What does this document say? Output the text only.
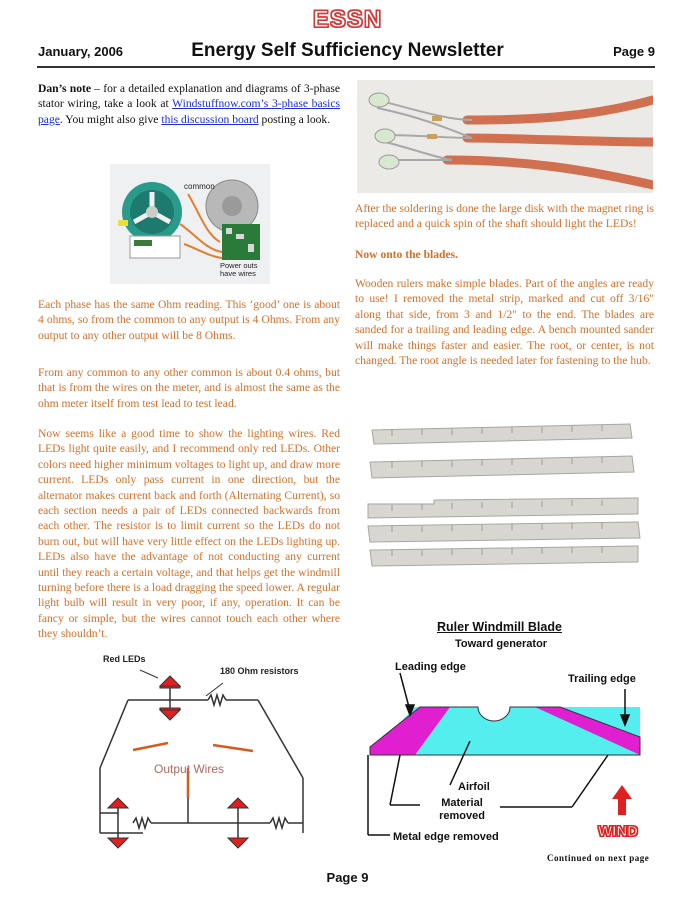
ESSN
January, 2006	Energy Self Sufficiency Newsletter	Page 9
Dan’s note – for a detailed explanation and diagrams of 3-phase stator wiring, take a look at Windstuffnow.com’s 3-phase basics page. You might also give this discussion board posting a look.
common
Power outs
have wires
Each phase has the same Ohm reading. This ‘good’ one is about 4 ohms, so from the common to any output is 4 Ohms. From any output to any other output will be 8 Ohms.
From any common to any other common is about 0.4 ohms, but that is from the wires on the meter, and is almost the same as the ohm meter itself from test lead to test lead.
Now seems like a good time to show the lighting wires. Red LEDs light quite easily, and I recommend only red LEDs. Other colors need higher minimum voltages to light up, and draw more current. LEDs only pass current in one direction, but the alternator makes current back and forth (Alternating Current), so each section needs a pair of LEDs connected backwards from each other. The resistor is to limit current so the LEDs do not burn out, but will have very little effect on the LEDs lighting up. LEDs also have the advantage of not conducting any current until they reach a certain voltage, and that helps get the windmill turning before there is a load dragging the speed lower. A regular light bulb will result in very poor, if any, operation. It can be fancy or simple, but the wires cannot touch each other where they shouldn’t.
Red LEDs
180 Ohm resistors
Output Wires
After the soldering is done the large disk with the magnet ring is replaced and a quick spin of the shaft should light the LEDs!
Now onto the blades.
Wooden rulers make simple blades. Part of the angles are ready to use! I removed the metal strip, marked and cut off 3/16" along that side, from 3 and 1/2" to the end. The blades are sanded for a trailing and leading edge. A bench mounted sander will make things faster and easier. The root, or center, is not changed. The root angle is needed later for fastening to the hub.
Ruler Windmill Blade
Toward generator
Leading edge
Trailing edge
Airfoil
Material
removed
Metal edge removed	WIND
Continued on next page
Page 9
